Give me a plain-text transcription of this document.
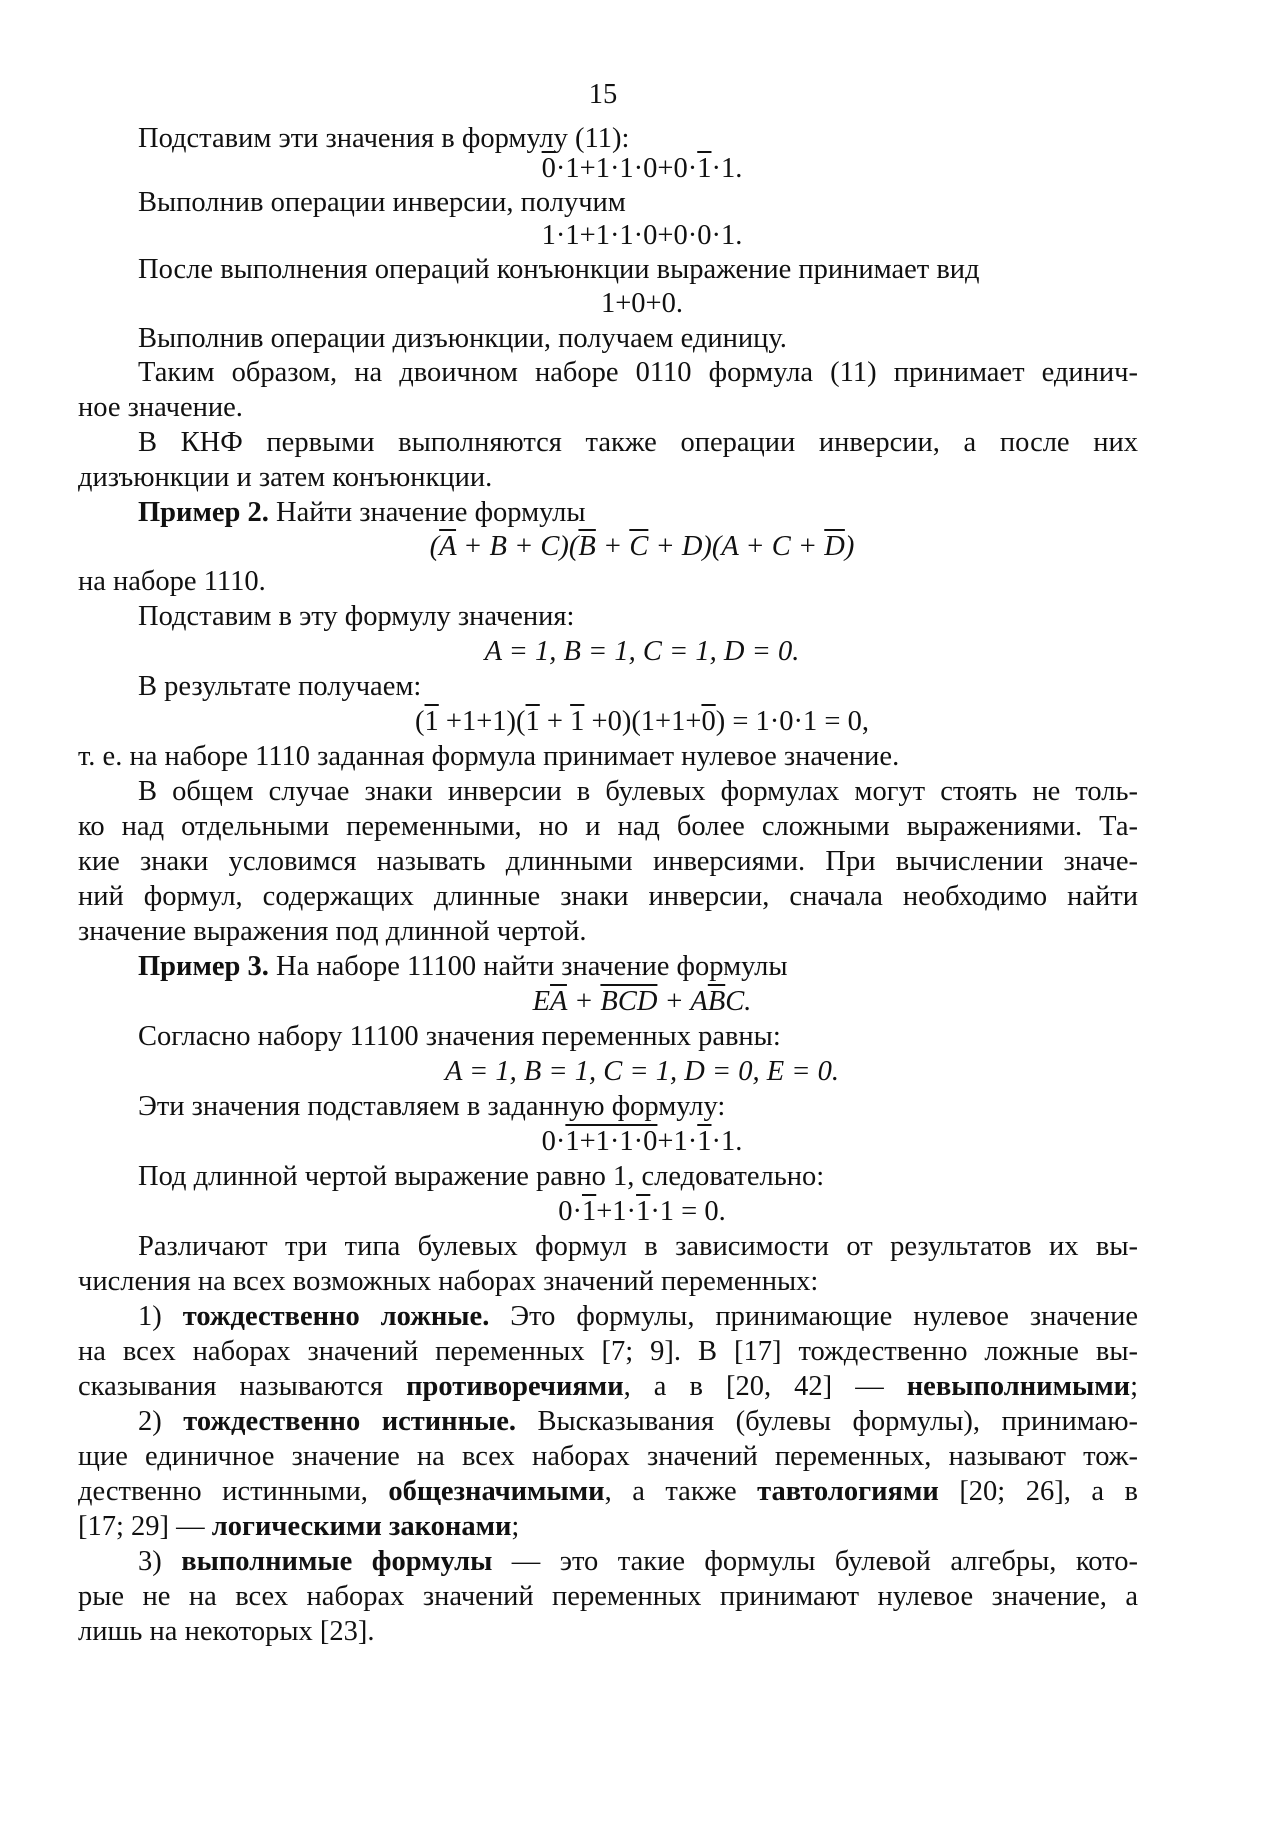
15
Подставим эти значения в формулу (11):
0·1+1·1·0+0·1·1.
Выполнив операции инверсии, получим
1·1+1·1·0+0·0·1.
После выполнения операций конъюнкции выражение принимает вид
1+0+0.
Выполнив операции дизъюнкции, получаем единицу.
Таким образом, на двоичном наборе 0110 формула (11) принимает единич-
ное значение.
В КНФ первыми выполняются также операции инверсии, а после них
дизъюнкции и затем конъюнкции.
Пример 2. Найти значение формулы
$(\overline{A} + B + C)(\overline{B} + \overline{C} + D)(A + C + \overline{D})$
на наборе 1110.
Подставим в эту формулу значения:
A = 1, B = 1, C = 1, D = 0.
В результате получаем:
(1 +1+1)(1 + 1 +0)(1+1+0) = 1·0·1 = 0,
т. е. на наборе 1110 заданная формула принимает нулевое значение.
В общем случае знаки инверсии в булевых формулах могут стоять не толь-
ко над отдельными переменными, но и над более сложными выражениями. Та-
кие знаки условимся называть длинными инверсиями. При вычислении значе-
ний формул, содержащих длинные знаки инверсии, сначала необходимо найти
значение выражения под длинной чертой.
Пример 3. На наборе 11100 найти значение формулы
$E\overline{A} + \overline{BCD} + A\overline{B}C$.
Согласно набору 11100 значения переменных равны:
A = 1, B = 1, C = 1, D = 0, E = 0.
Эти значения подставляем в заданную формулу:
0·1+1·1·0+1·1·1.
Под длинной чертой выражение равно 1, следовательно:
0·1+1·1·1 = 0.
Различают три типа булевых формул в зависимости от результатов их вы-
числения на всех возможных наборах значений переменных:
1) тождественно ложные. Это формулы, принимающие нулевое значение
на всех наборах значений переменных [7; 9]. В [17] тождественно ложные вы-
сказывания называются противоречиями, а в [20, 42] — невыполнимыми;
2) тождественно истинные. Высказывания (булевы формулы), принимаю-
щие единичное значение на всех наборах значений переменных, называют тож-
дественно истинными, общезначимыми, а также тавтологиями [20; 26], а в
[17; 29] — логическими законами;
3) выполнимые формулы — это такие формулы булевой алгебры, кото-
рые не на всех наборах значений переменных принимают нулевое значение, а
лишь на некоторых [23].
